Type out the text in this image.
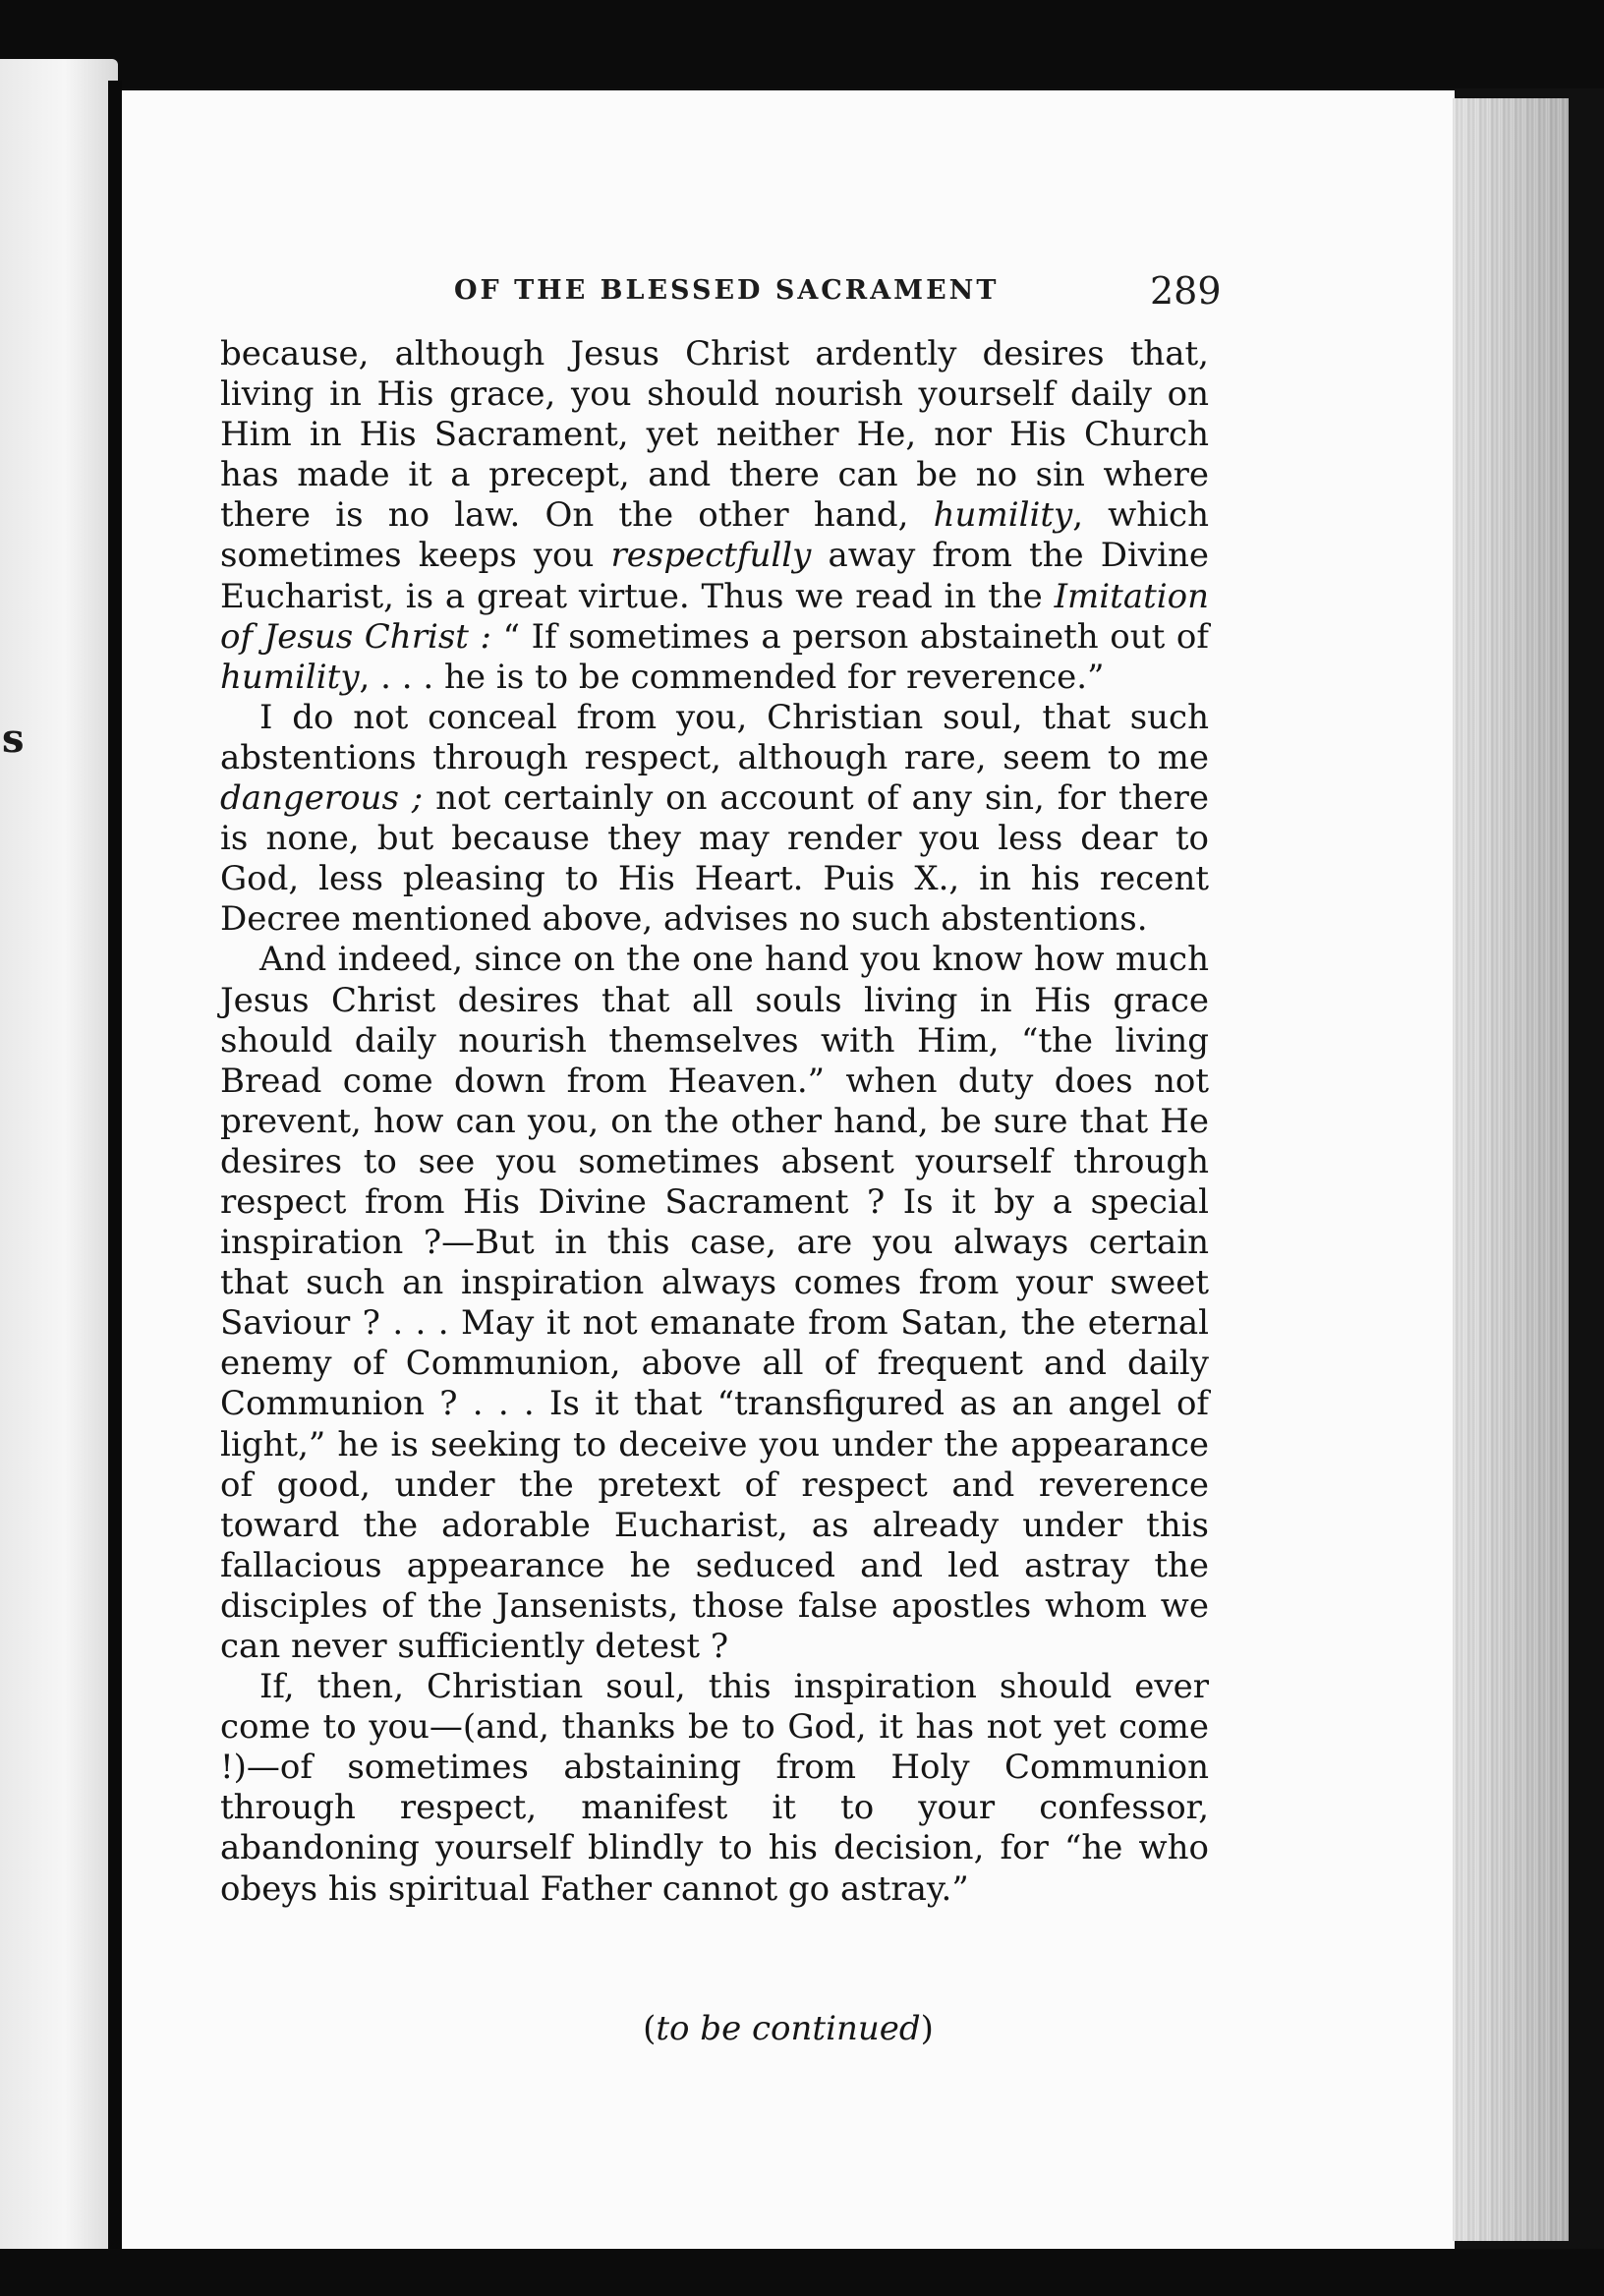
s
OF THE BLESSED SACRAMENT	289

because, although Jesus Christ ardently desires that, living in His grace, you should nourish yourself daily on Him in His Sacrament, yet neither He, nor His Church has made it a precept, and there can be no sin where there is no law. On the other hand, humility, which sometimes keeps you respectfully away from the Divine Eucharist, is a great virtue. Thus we read in the Imitation of Jesus Christ : “ If sometimes a person abstaineth out of humility, . . . he is to be commended for reverence.”

I do not conceal from you, Christian soul, that such abstentions through respect, although rare, seem to me dangerous ; not certainly on account of any sin, for there is none, but because they may render you less dear to God, less pleasing to His Heart. Puis X., in his recent Decree mentioned above, advises no such abstentions.

And indeed, since on the one hand you know how much Jesus Christ desires that all souls living in His grace should daily nourish themselves with Him, “the living Bread come down from Heaven.” when duty does not prevent, how can you, on the other hand, be sure that He desires to see you sometimes absent yourself through respect from His Divine Sacrament ? Is it by a special inspiration ?—But in this case, are you always certain that such an inspiration always comes from your sweet Saviour ? . . . May it not emanate from Satan, the eternal enemy of Communion, above all of frequent and daily Communion ? . . . Is it that “transfigured as an angel of light,” he is seeking to deceive you under the appearance of good, under the pretext of respect and reverence toward the adorable Eucharist, as already under this fallacious appearance he seduced and led astray the disciples of the Jansenists, those false apostles whom we can never sufficiently detest ?

If, then, Christian soul, this inspiration should ever come to you—(and, thanks be to God, it has not yet come !)—of sometimes abstaining from Holy Communion through respect, manifest it to your confessor, abandoning yourself blindly to his decision, for “he who obeys his spiritual Father cannot go astray.”

(to be continued)
